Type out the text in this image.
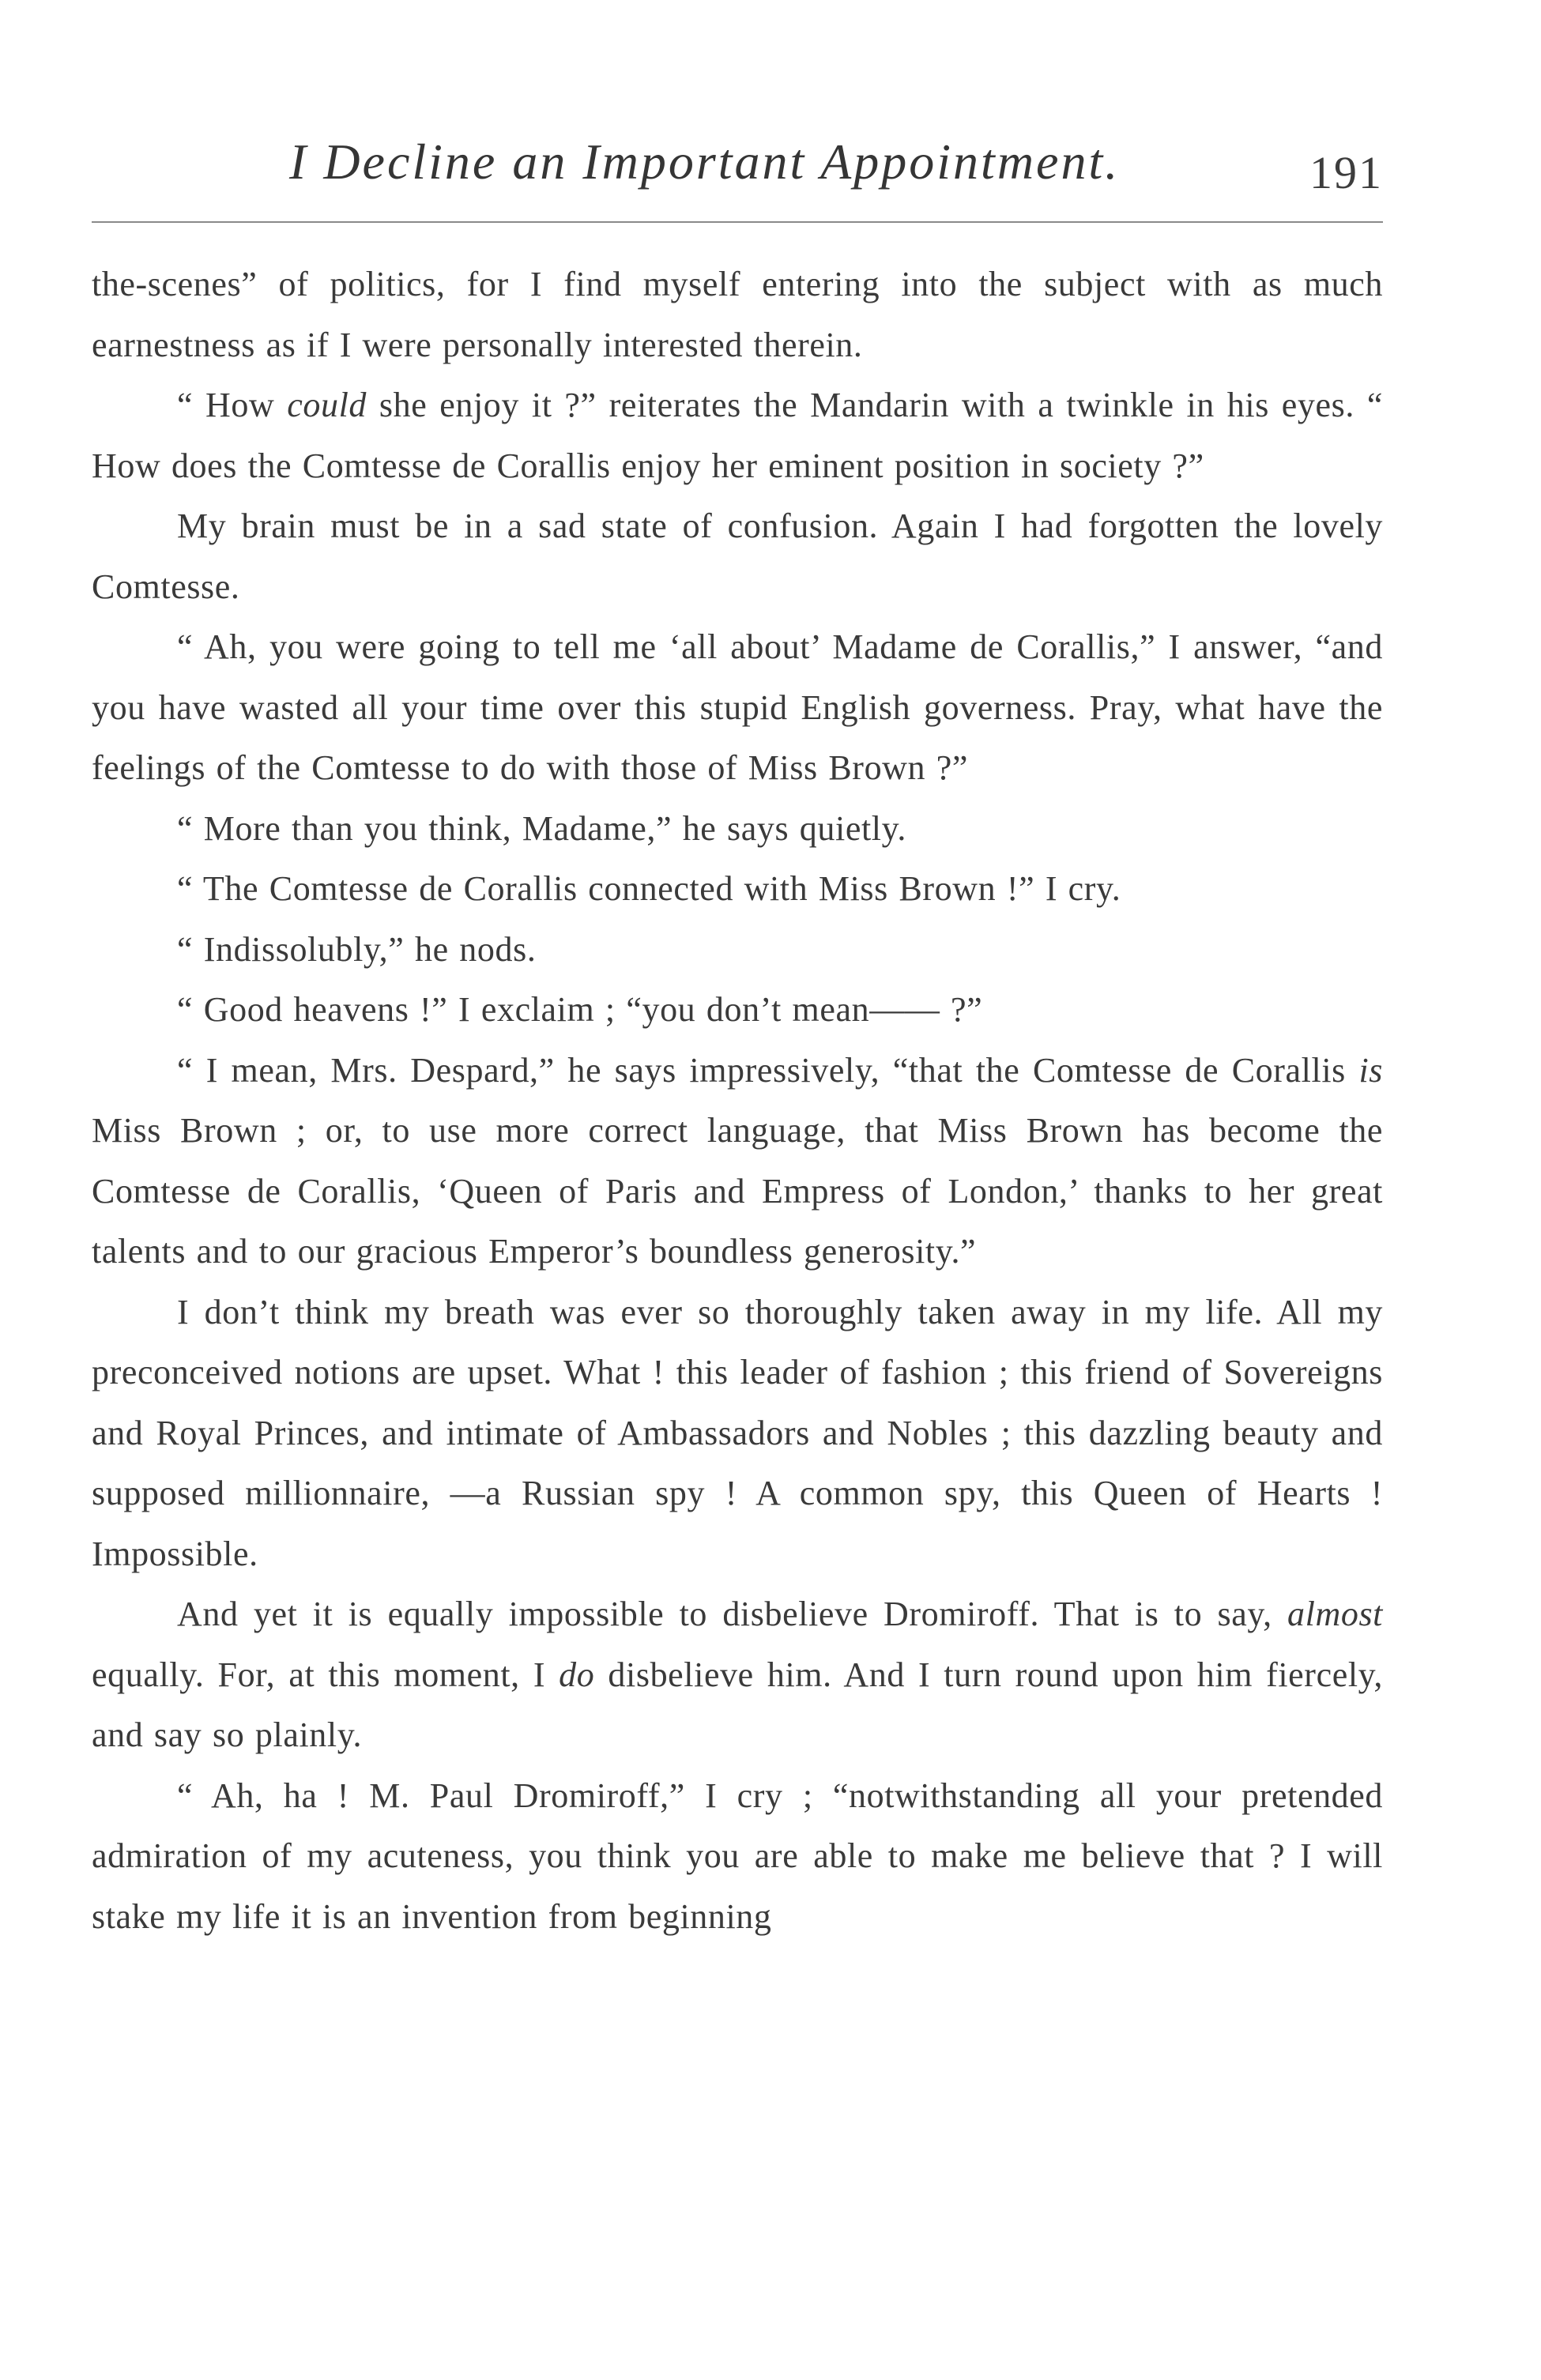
I Decline an Important Appointment.	191

the-scenes” of politics, for I find myself entering into the subject with as much earnestness as if I were personally interested therein.

“ How could she enjoy it ?” reiterates the Mandarin with a twinkle in his eyes. “ How does the Comtesse de Corallis enjoy her eminent position in society ?”

My brain must be in a sad state of confusion. Again I had forgotten the lovely Comtesse.

“ Ah, you were going to tell me ‘all about’ Madame de Corallis,” I answer, “and you have wasted all your time over this stupid English governess. Pray, what have the feelings of the Comtesse to do with those of Miss Brown ?”

“ More than you think, Madame,” he says quietly.

“ The Comtesse de Corallis connected with Miss Brown !” I cry.

“ Indissolubly,” he nods.

“ Good heavens !” I exclaim ; “you don’t mean—— ?”

“ I mean, Mrs. Despard,” he says impressively, “that the Comtesse de Corallis is Miss Brown ; or, to use more correct language, that Miss Brown has become the Comtesse de Corallis, ‘Queen of Paris and Empress of London,’ thanks to her great talents and to our gracious Emperor’s boundless generosity.”

I don’t think my breath was ever so thoroughly taken away in my life. All my preconceived notions are upset. What ! this leader of fashion ; this friend of Sovereigns and Royal Princes, and intimate of Ambassadors and Nobles ; this dazzling beauty and supposed millionnaire, —a Russian spy ! A common spy, this Queen of Hearts ! Impossible.

And yet it is equally impossible to disbelieve Dromiroff. That is to say, almost equally. For, at this moment, I do disbelieve him. And I turn round upon him fiercely, and say so plainly.

“ Ah, ha ! M. Paul Dromiroff,” I cry ; “notwithstanding all your pretended admiration of my acuteness, you think you are able to make me believe that ? I will stake my life it is an invention from beginning
